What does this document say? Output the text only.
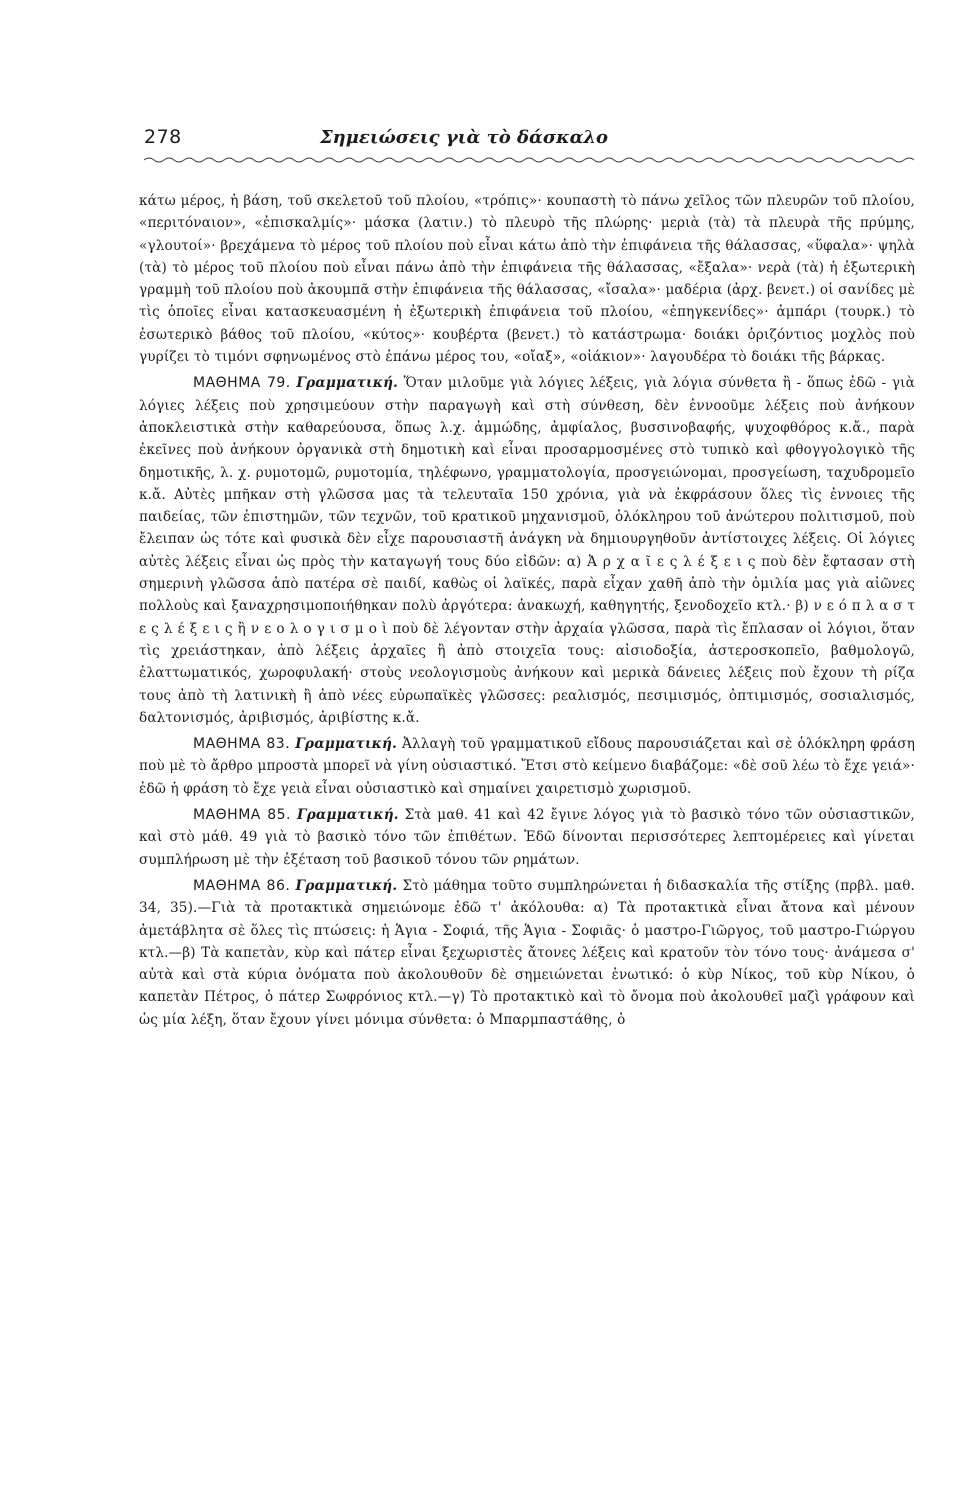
278	Σημειώσεις γιὰ τὸ δάσκαλο

κάτω μέρος, ἡ βάση, τοῦ σκελετοῦ τοῦ πλοίου, «τρόπις»· κουπαστὴ τὸ πάνω χεῖλος τῶν πλευρῶν τοῦ πλοίου, «περιτόναιον», «ἐπισκαλμίς»· μάσκα (λατιν.) τὸ πλευρὸ τῆς πλώρης· μεριὰ (τὰ) τὰ πλευρὰ τῆς πρύμης, «γλουτοί»· βρεχάμενα τὸ μέρος τοῦ πλοίου ποὺ εἶναι κάτω ἀπὸ τὴν ἐπιφάνεια τῆς θάλασσας, «ὕφαλα»· ψηλὰ (τὰ) τὸ μέρος τοῦ πλοίου ποὺ εἶναι πάνω ἀπὸ τὴν ἐπιφάνεια τῆς θάλασσας, «ἔξαλα»· νερὰ (τὰ) ἡ ἐξωτερικὴ γραμμὴ τοῦ πλοίου ποὺ ἀκουμπᾶ στὴν ἐπιφάνεια τῆς θάλασσας, «ἴσαλα»· μαδέρια (ἀρχ. βενετ.) οἱ σανίδες μὲ τὶς ὁποῖες εἶναι κατασκευασμένη ἡ ἐξωτερικὴ ἐπιφάνεια τοῦ πλοίου, «ἐπηγκενίδες»· ἀμπάρι (τουρκ.) τὸ ἐσωτερικὸ βάθος τοῦ πλοίου, «κύτος»· κουβέρτα (βενετ.) τὸ κατάστρωμα· δοιάκι ὁριζόντιος μοχλὸς ποὺ γυρίζει τὸ τιμόνι σφηνωμένος στὸ ἐπάνω μέρος του, «οἴαξ», «οἰάκιον»· λαγουδέρα τὸ δοιάκι τῆς βάρκας.

ΜΑΘΗΜΑ 79. Γραμματική. Ὅταν μιλοῦμε γιὰ λόγιες λέξεις, γιὰ λόγια σύνθετα ἢ - ὅπως ἐδῶ - γιὰ λόγιες λέξεις ποὺ χρησιμεύουν στὴν παραγωγὴ καὶ στὴ σύνθεση, δὲν ἐννοοῦμε λέξεις ποὺ ἀνήκουν ἀποκλειστικὰ στὴν καθαρεύουσα, ὅπως λ.χ. ἀμμώδης, ἀμφίαλος, βυσσινοβαφής, ψυχοφθόρος κ.ἄ., παρὰ ἐκεῖνες ποὺ ἀνήκουν ὀργανικὰ στὴ δημοτικὴ καὶ εἶναι προσαρμοσμένες στὸ τυπικὸ καὶ φθογγολογικὸ τῆς δημοτικῆς, λ. χ. ρυμοτομῶ, ρυμοτομία, τηλέφωνο, γραμματολογία, προσγειώνομαι, προσγείωση, ταχυδρομεῖο κ.ἄ. Αὐτὲς μπῆκαν στὴ γλῶσσα μας τὰ τελευταῖα 150 χρόνια, γιὰ νὰ ἐκφράσουν ὅλες τὶς ἐννοιες τῆς παιδείας, τῶν ἐπιστημῶν, τῶν τεχνῶν, τοῦ κρατικοῦ μηχανισμοῦ, ὁλόκληρου τοῦ ἀνώτερου πολιτισμοῦ, ποὺ ἔλειπαν ὡς τότε καὶ φυσικὰ δὲν εἶχε παρουσιαστῆ ἀνάγκη νὰ δημιουργηθοῦν ἀντίστοιχες λέξεις. Οἱ λόγιες αὐτὲς λέξεις εἶναι ὡς πρὸς τὴν καταγωγή τους δύο εἰδῶν: α) Ἀ ρ χ α ῖ ε ς λ έ ξ ε ι ς ποὺ δὲν ἔφτασαν στὴ σημερινὴ γλῶσσα ἀπὸ πατέρα σὲ παιδί, καθὼς οἱ λαϊκές, παρὰ εἶχαν χαθῆ ἀπὸ τὴν ὁμιλία μας γιὰ αἰῶνες πολλοὺς καὶ ξαναχρησιμοποιήθηκαν πολὺ ἀργότερα: ἀνακωχή, καθηγητής, ξενοδοχεῖο κτλ.· β) ν ε ό π λ α σ τ ε ς λ έ ξ ε ι ς ἢ ν ε ο λ ο γ ι σ μ ο ὶ ποὺ δὲ λέγονταν στὴν ἀρχαία γλῶσσα, παρὰ τὶς ἔπλασαν οἱ λόγιοι, ὅταν τὶς χρειάστηκαν, ἀπὸ λέξεις ἀρχαῖες ἢ ἀπὸ στοιχεῖα τους: αἰσιοδοξία, ἀστεροσκοπεῖο, βαθμολογῶ, ἐλαττωματικός, χωροφυλακή· στοὺς νεολογισμοὺς ἀνήκουν καὶ μερικὰ δάνειες λέξεις ποὺ ἔχουν τὴ ρίζα τους ἀπὸ τὴ λατινικὴ ἢ ἀπὸ νέες εὐρωπαϊκὲς γλῶσσες: ρεαλισμός, πεσιμισμός, ὀπτιμισμός, σοσιαλισμός, δαλτονισμός, ἀριβισμός, ἀριβίστης κ.ἄ.

ΜΑΘΗΜΑ 83. Γραμματική. Ἀλλαγὴ τοῦ γραμματικοῦ εἴδους παρουσιάζεται καὶ σὲ ὁλόκληρη φράση ποὺ μὲ τὸ ἄρθρο μπροστὰ μπορεῖ νὰ γίνη οὐσιαστικό. Ἔτσι στὸ κείμενο διαβάζομε: «δὲ σοῦ λέω τὸ ἔχε γειά»· ἐδῶ ἡ φράση τὸ ἔχε γειὰ εἶναι οὐσιαστικὸ καὶ σημαίνει χαιρετισμὸ χωρισμοῦ.

ΜΑΘΗΜΑ 85. Γραμματική. Στὰ μαθ. 41 καὶ 42 ἔγινε λόγος γιὰ τὸ βασικὸ τόνο τῶν οὐσιαστικῶν, καὶ στὸ μάθ. 49 γιὰ τὸ βασικὸ τόνο τῶν ἐπιθέτων. Ἐδῶ δίνονται περισσότερες λεπτομέρειες καὶ γίνεται συμπλήρωση μὲ τὴν ἐξέταση τοῦ βασικοῦ τόνου τῶν ρημάτων.

ΜΑΘΗΜΑ 86. Γραμματική. Στὸ μάθημα τοῦτο συμπληρώνεται ἡ διδασκαλία τῆς στίξης (πρβλ. μαθ. 34, 35).—Γιὰ τὰ προτακτικὰ σημειώνομε ἐδῶ τ' ἀκόλουθα: α) Τὰ προτακτικὰ εἶναι ἄτονα καὶ μένουν ἀμετάβλητα σὲ ὅλες τὶς πτώσεις: ἡ Ἁγια - Σοφιά, τῆς Ἁγια - Σοφιᾶς· ὁ μαστρο-Γιῶργος, τοῦ μαστρο-Γιώργου κτλ.—β) Τὰ καπετὰν, κὺρ καὶ πάτερ εἶναι ξεχωριστὲς ἄτονες λέξεις καὶ κρατοῦν τὸν τόνο τους· ἀνάμεσα σ' αὐτὰ καὶ στὰ κύρια ὀνόματα ποὺ ἀκολουθοῦν δὲ σημειώνεται ἑνωτικό: ὁ κὺρ Νίκος, τοῦ κὺρ Νίκου, ὁ καπετὰν Πέτρος, ὁ πάτερ Σωφρόνιος κτλ.—γ) Τὸ προτακτικὸ καὶ τὸ ὄνομα ποὺ ἀκολουθεῖ μαζὶ γράφουν καὶ ὡς μία λέξη, ὅταν ἔχουν γίνει μόνιμα σύνθετα: ὁ Μπαρμπαστάθης, ὁ
